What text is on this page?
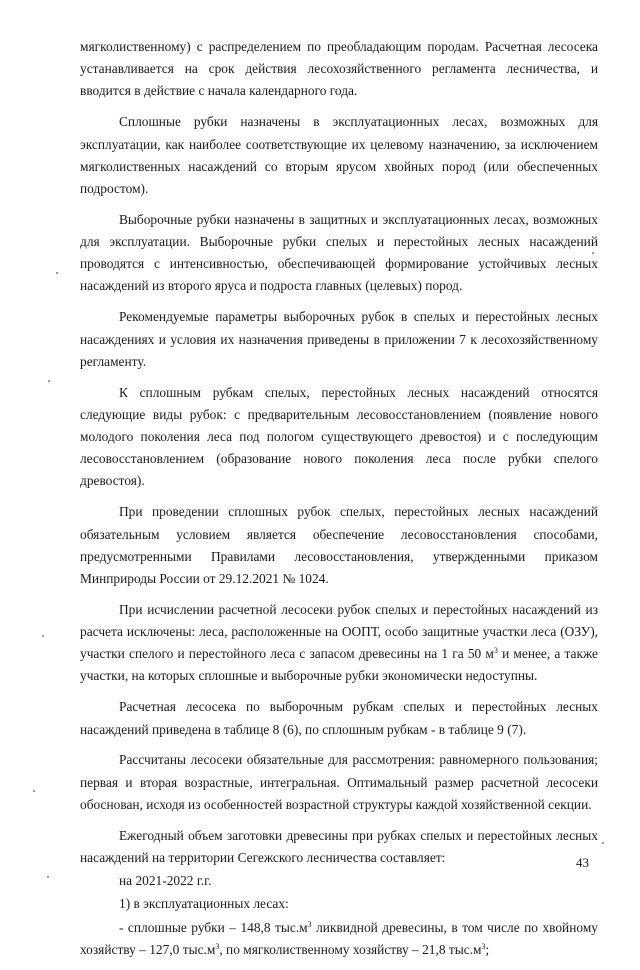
мягколиственному) с распределением по преобладающим породам. Расчетная лесосека устанавливается на срок действия лесохозяйственного регламента лесничества, и вводится в действие с начала календарного года.

Сплошные рубки назначены в эксплуатационных лесах, возможных для эксплуатации, как наиболее соответствующие их целевому назначению, за исключением мягколиственных насаждений со вторым ярусом хвойных пород (или обеспеченных подростом).

Выборочные рубки назначены в защитных и эксплуатационных лесах, возможных для эксплуатации. Выборочные рубки спелых и перестойных лесных насаждений проводятся с интенсивностью, обеспечивающей формирование устойчивых лесных насаждений из второго яруса и подроста главных (целевых) пород.

Рекомендуемые параметры выборочных рубок в спелых и перестойных лесных насаждениях и условия их назначения приведены в приложении 7 к лесохозяйственному регламенту.

К сплошным рубкам спелых, перестойных лесных насаждений относятся следующие виды рубок: с предварительным лесовосстановлением (появление нового молодого поколения леса под пологом существующего древостоя) и с последующим лесовосстановлением (образование нового поколения леса после рубки спелого древостоя).

При проведении сплошных рубок спелых, перестойных лесных насаждений обязательным условием является обеспечение лесовосстановления способами, предусмотренными Правилами лесовосстановления, утвержденными приказом Минприроды России от 29.12.2021 № 1024.

При исчислении расчетной лесосеки рубок спелых и перестойных насаждений из расчета исключены: леса, расположенные на ООПТ, особо защитные участки леса (ОЗУ), участки спелого и перестойного леса с запасом древесины на 1 га 50 $м^3$ и менее, а также участки, на которых сплошные и выборочные рубки экономически недоступны.

Расчетная лесосека по выборочным рубкам спелых и перестойных лесных насаждений приведена в таблице 8 (6), по сплошным рубкам - в таблице 9 (7).

Рассчитаны лесосеки обязательные для рассмотрения: равномерного пользования; первая и вторая возрастные, интегральная. Оптимальный размер расчетной лесосеки обоснован, исходя из особенностей возрастной структуры каждой хозяйственной секции.

Ежегодный объем заготовки древесины при рубках спелых и перестойных лесных насаждений на территории Сегежского лесничества составляет:

на 2021-2022 г.г.

1) в эксплуатационных лесах:

- сплошные рубки – 148,8 $тыс.м^3$ ликвидной древесины, в том числе по хвойному хозяйству – 127,0 $тыс.м^3$, по мягколиственному хозяйству – 21,8 $тыс.м^3$;

43
